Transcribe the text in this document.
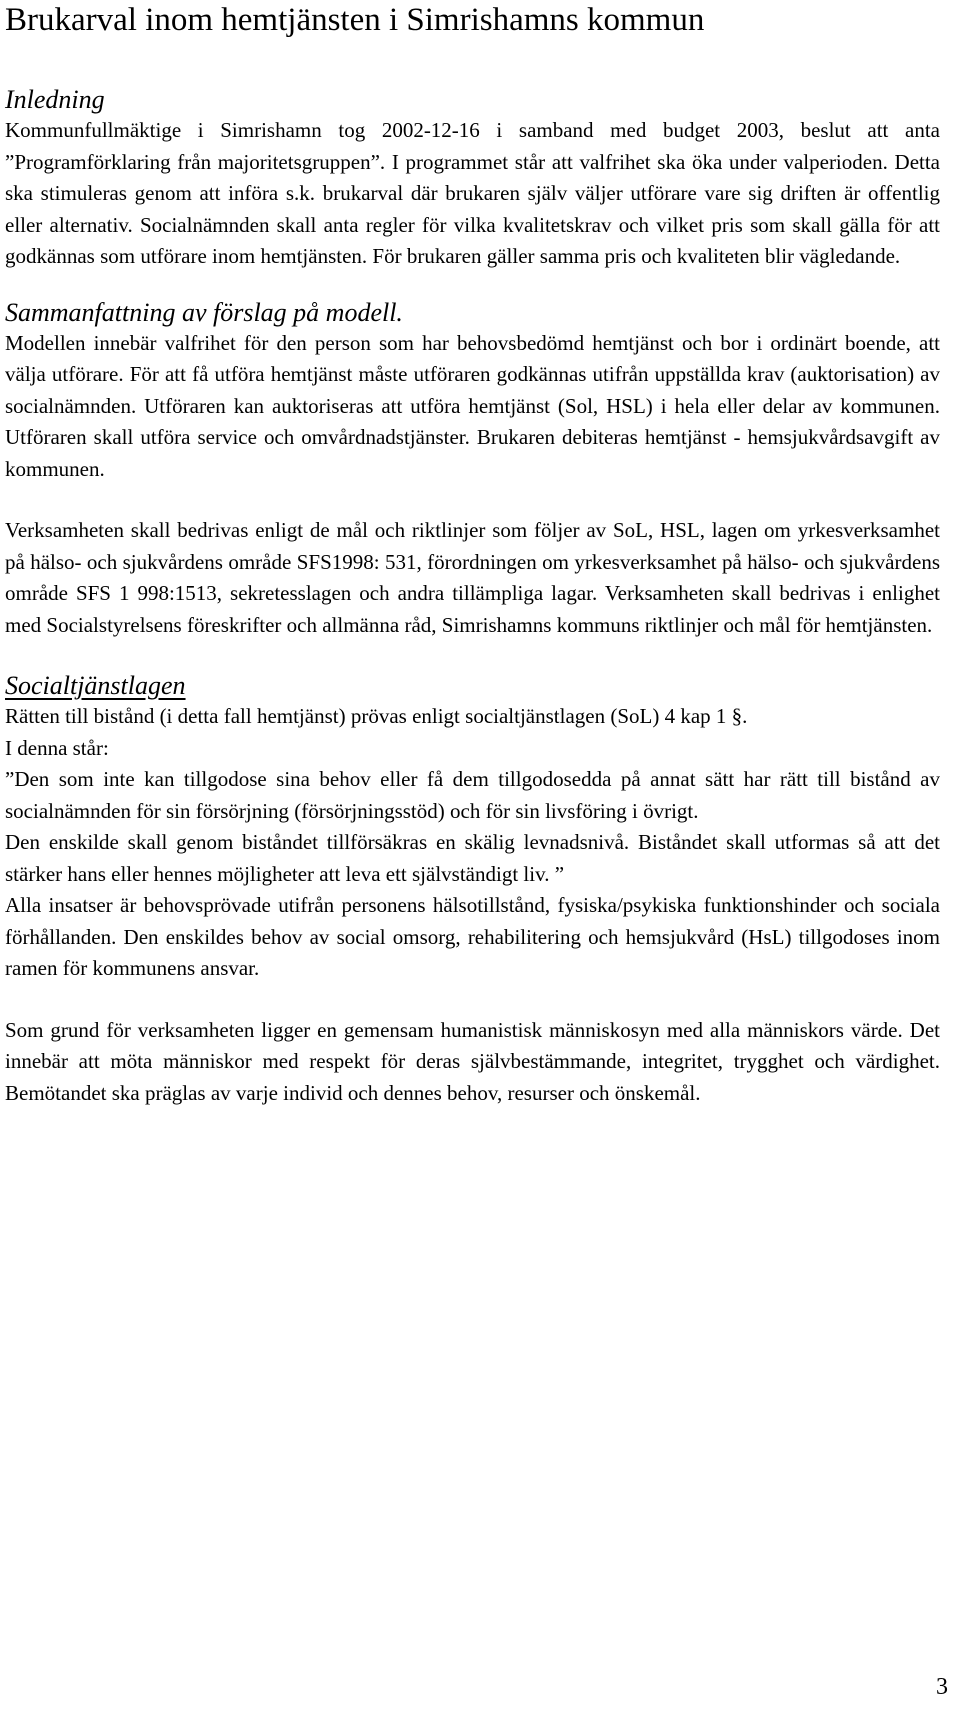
Brukarval inom hemtjänsten i Simrishamns kommun
Inledning

Kommunfullmäktige i Simrishamn tog 2002-12-16 i samband med budget 2003, beslut att anta ”Programförklaring från majoritetsgruppen”. I programmet står att valfrihet ska öka under valperioden. Detta ska stimuleras genom att införa s.k. brukarval där brukaren själv väljer utförare vare sig driften är offentlig eller alternativ. Socialnämnden skall anta regler för vilka kvalitetskrav och vilket pris som skall gälla för att godkännas som utförare inom hemtjänsten. För brukaren gäller samma pris och kvaliteten blir vägledande.

Sammanfattning av förslag på modell.

Modellen innebär valfrihet för den person som har behovsbedömd hemtjänst och bor i ordinärt boende, att välja utförare. För att få utföra hemtjänst måste utföraren godkännas utifrån uppställda krav (auktorisation) av socialnämnden. Utföraren kan auktoriseras att utföra hemtjänst (Sol, HSL) i hela eller delar av kommunen. Utföraren skall utföra service och omvårdnadstjänster. Brukaren debiteras hemtjänst - hemsjukvårdsavgift av kommunen.

Verksamheten skall bedrivas enligt de mål och riktlinjer som följer av SoL, HSL, lagen om yrkesverksamhet på hälso- och sjukvårdens område SFS1998: 531, förordningen om yrkesverksamhet på hälso- och sjukvårdens område SFS 1 998:1513, sekretesslagen och andra tillämpliga lagar. Verksamheten skall bedrivas i enlighet med Socialstyrelsens föreskrifter och allmänna råd, Simrishamns kommuns riktlinjer och mål för hemtjänsten.

Socialtjänstlagen

Rätten till bistånd (i detta fall hemtjänst) prövas enligt socialtjänstlagen (SoL) 4 kap 1 §.

I denna står:

”Den som inte kan tillgodose sina behov eller få dem tillgodosedda på annat sätt har rätt till bistånd av socialnämnden för sin försörjning (försörjningsstöd) och för sin livsföring i övrigt.

Den enskilde skall genom biståndet tillförsäkras en skälig levnadsnivå. Biståndet skall utformas så att det stärker hans eller hennes möjligheter att leva ett självständigt liv. ”

Alla insatser är behovsprövade utifrån personens hälsotillstånd, fysiska/psykiska funktionshinder och sociala förhållanden. Den enskildes behov av social omsorg, rehabilitering och hemsjukvård (HsL) tillgodoses inom ramen för kommunens ansvar.

Som grund för verksamheten ligger en gemensam humanistisk människosyn med alla människors värde. Det innebär att möta människor med respekt för deras självbestämmande, integritet, trygghet och värdighet. Bemötandet ska präglas av varje individ och dennes behov, resurser och önskemål.

3
